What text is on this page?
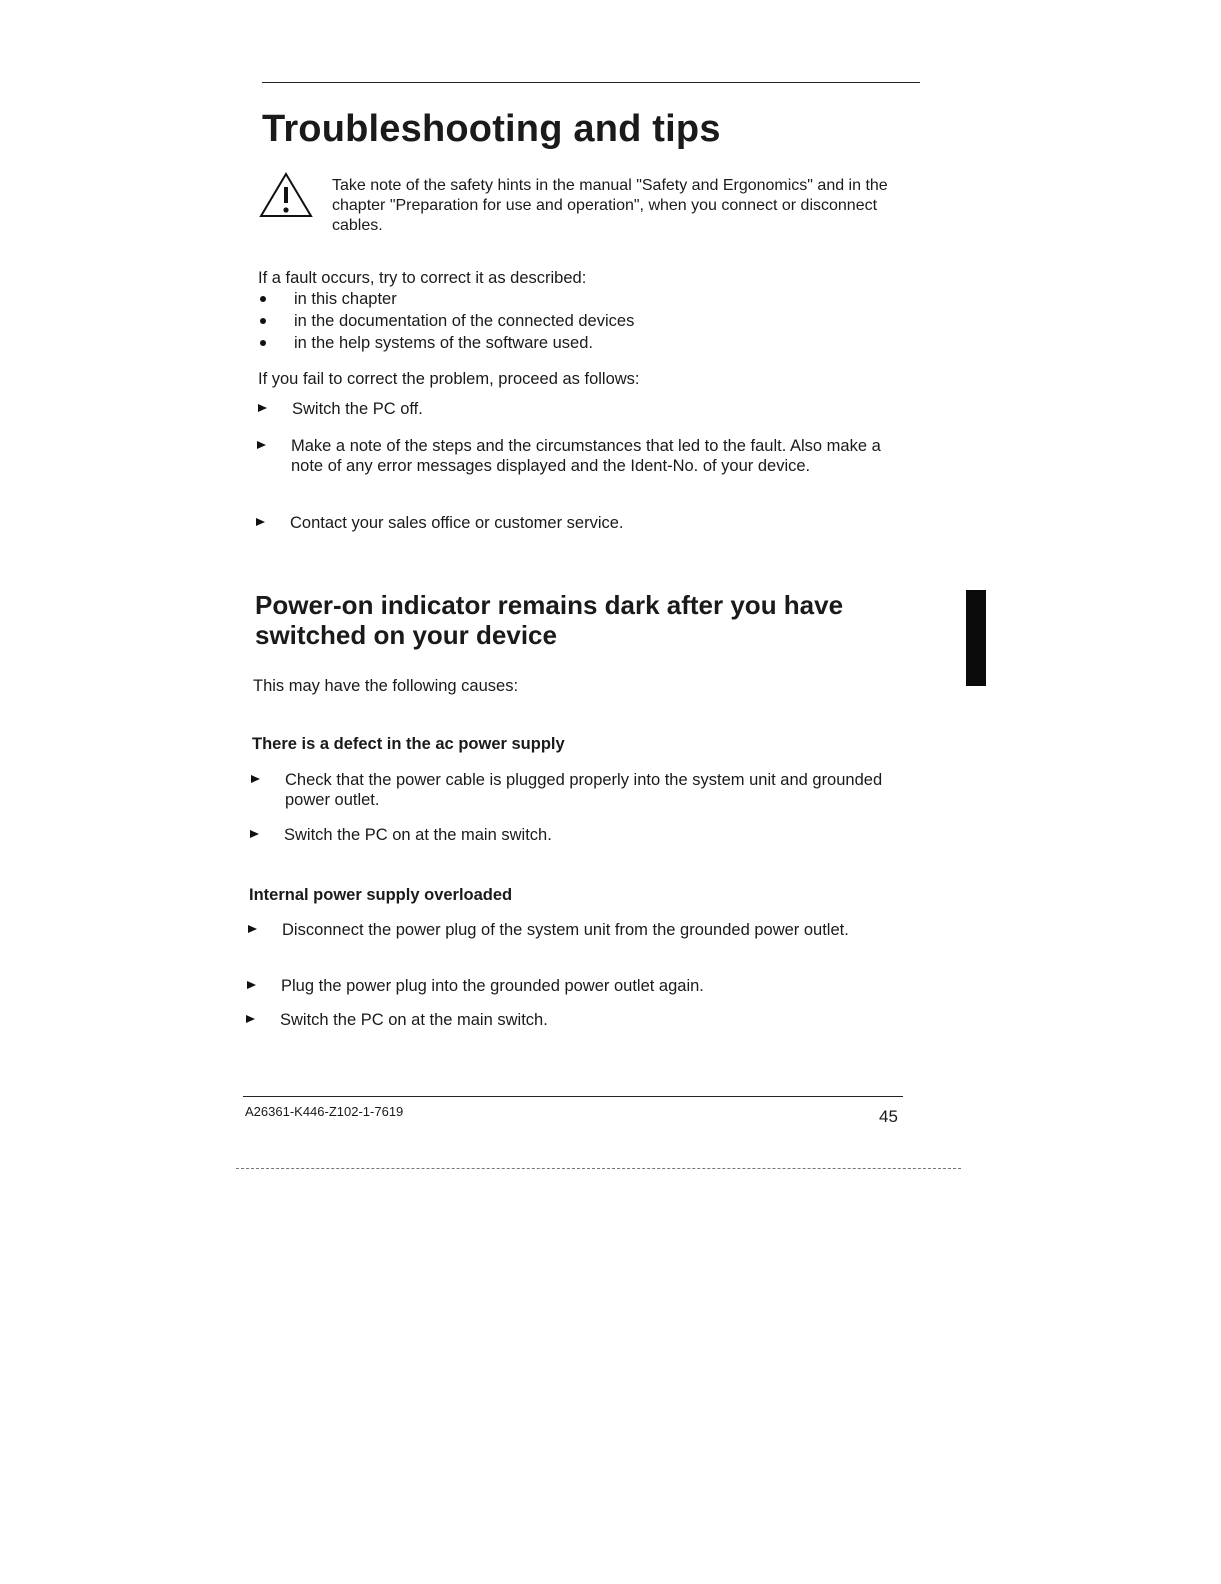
Troubleshooting and tips

Take note of the safety hints in the manual "Safety and Ergonomics" and in the chapter "Preparation for use and operation", when you connect or disconnect cables.

If a fault occurs, try to correct it as described:

in this chapter
in the documentation of the connected devices
in the help systems of the software used.

If you fail to correct the problem, proceed as follows:

Switch the PC off.
Make a note of the steps and the circumstances that led to the fault. Also make a note of any error messages displayed and the Ident-No. of your device.
Contact your sales office or customer service.
Power-on indicator remains dark after you have switched on your device

This may have the following causes:

There is a defect in the ac power supply
Check that the power cable is plugged properly into the system unit and grounded power outlet.
Switch the PC on at the main switch.
Internal power supply overloaded
Disconnect the power plug of the system unit from the grounded power outlet.
Plug the power plug into the grounded power outlet again.
Switch the PC on at the main switch.
A26361-K446-Z102-1-7619	45
